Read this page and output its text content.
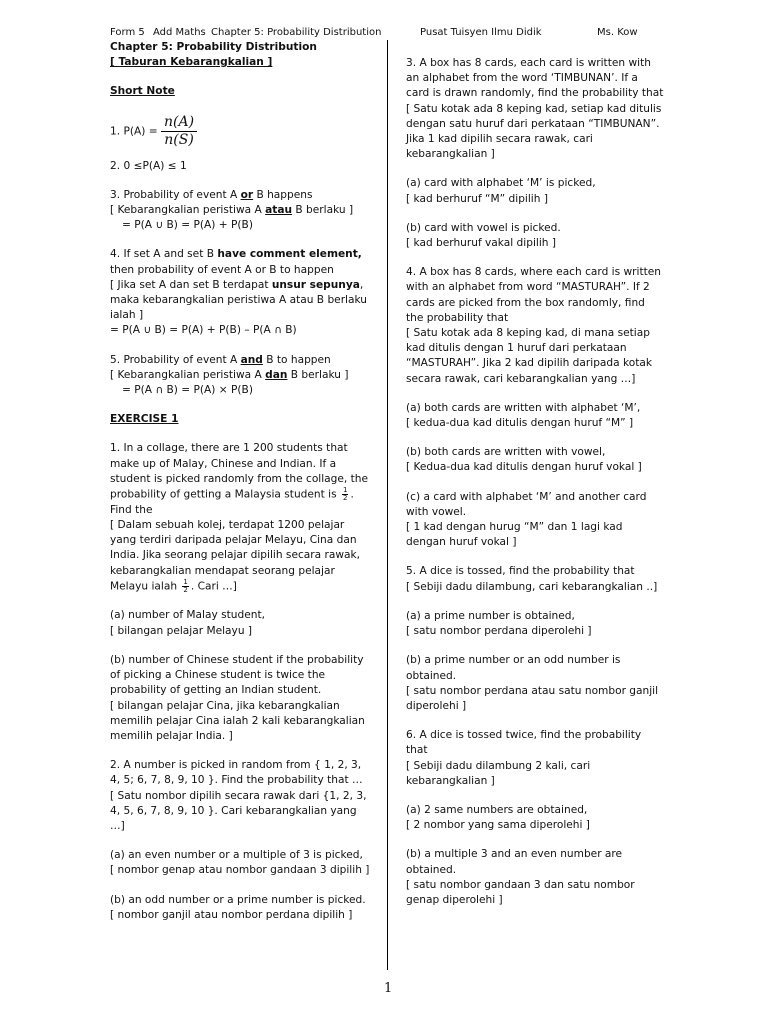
Form 5 Add Maths Chapter 5: Probability Distribution	Pusat Tuisyen Ilmu Didik	Ms. Kow

Chapter 5: Probability Distribution

[ Taburan Kebarangkalian ]

Short Note

1. $P(A) = \frac{n(A)}{n(S)}$

2. 0 ≤P(A) ≤ 1

3. Probability of event A or B happens

[ Kebarangkalian peristiwa A atau B berlaku ]

= P(A ∪ B) = P(A) + P(B)

4. If set A and set B have comment element, then probability of event A or B to happen

[ Jika set A dan set B terdapat unsur sepunya, maka kebarangkalian peristiwa A atau B berlaku ialah ]

= P(A ∪ B) = P(A) + P(B) – P(A ∩ B)

5. Probability of event A and B to happen

[ Kebarangkalian peristiwa A dan B berlaku ]

= P(A ∩ B) = P(A) × P(B)

EXERCISE 1

1. In a collage, there are 1 200 students that make up of Malay, Chinese and Indian. If a student is picked randomly from the collage, the probability of getting a Malaysia student is $\frac{1}{2}$ . Find the

[ Dalam sebuah kolej, terdapat 1200 pelajar yang terdiri daripada pelajar Melayu, Cina dan India. Jika seorang pelajar dipilih secara rawak, kebarangkalian mendapat seorang pelajar Melayu ialah $\frac{1}{2}$ . Cari …]

(a) number of Malay student,

[ bilangan pelajar Melayu ]

(b) number of Chinese student if the probability of picking a Chinese student is twice the probability of getting an Indian student.

[ bilangan pelajar Cina, jika kebarangkalian memilih pelajar Cina ialah 2 kali kebarangkalian memilih pelajar India. ]

2. A number is picked in random from { 1, 2, 3, 4, 5; 6, 7, 8, 9, 10 }. Find the probability that …

[ Satu nombor dipilih secara rawak dari {1, 2, 3, 4, 5, 6, 7, 8, 9, 10 }. Cari kebarangkalian yang …]

(a) an even number or a multiple of 3 is picked,

[ nombor genap atau nombor gandaan 3 dipilih ]

(b) an odd number or a prime number is picked.

[ nombor ganjil atau nombor perdana dipilih ]

3. A box has 8 cards, each card is written with an alphabet from the word ‘TIMBUNAN’. If a card is drawn randomly, find the probability that

[ Satu kotak ada 8 keping kad, setiap kad ditulis dengan satu huruf dari perkataan “TIMBUNAN”. Jika 1 kad dipilih secara rawak, cari kebarangkalian ]

(a) card with alphabet ‘M’ is picked,

[ kad berhuruf “M” dipilih ]

(b) card with vowel is picked.

[ kad berhuruf vakal dipilih ]

4. A box has 8 cards, where each card is written with an alphabet from word “MASTURAH”. If 2 cards are picked from the box randomly, find the probability that

[ Satu kotak ada 8 keping kad, di mana setiap kad ditulis dengan 1 huruf dari perkataan “MASTURAH”. Jika 2 kad dipilih daripada kotak secara rawak, cari kebarangkalian yang …]

(a) both cards are written with alphabet ‘M’,

[ kedua-dua kad ditulis dengan huruf “M” ]

(b) both cards are written with vowel,

[ Kedua-dua kad ditulis dengan huruf vokal ]

(c) a card with alphabet ‘M’ and another card with vowel.

[ 1 kad dengan hurug “M” dan 1 lagi kad dengan huruf vokal ]

5. A dice is tossed, find the probability that

[ Sebiji dadu dilambung, cari kebarangkalian ..]

(a) a prime number is obtained,

[ satu nombor perdana diperolehi ]

(b) a prime number or an odd number is obtained.

[ satu nombor perdana atau satu nombor ganjil diperolehi ]

6. A dice is tossed twice, find the probability that

[ Sebiji dadu dilambung 2 kali, cari kebarangkalian ]

(a) 2 same numbers are obtained,

[ 2 nombor yang sama diperolehi ]

(b) a multiple 3 and an even number are obtained.

[ satu nombor gandaan 3 dan satu nombor genap diperolehi ]

1
